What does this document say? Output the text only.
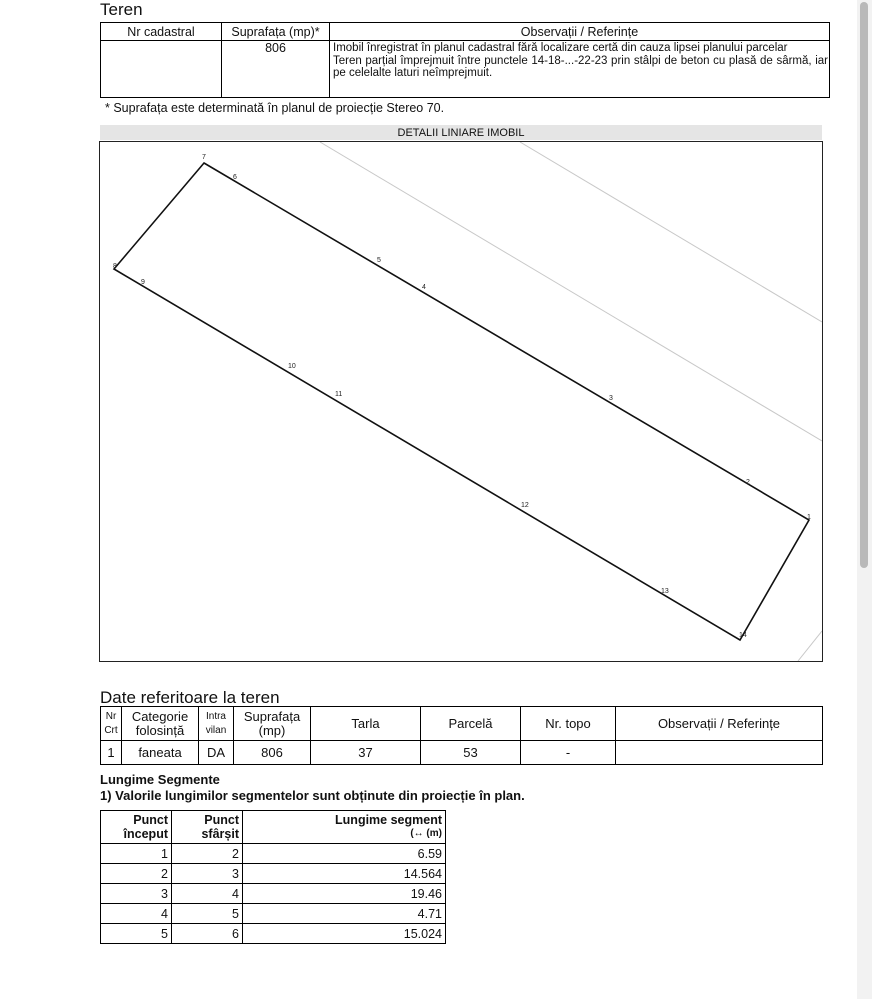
Teren
Nr cadastral	Suprafața (mp)*	Observații / Referințe
	806	Imobil înregistrat în planul cadastral fără localizare certă din cauza lipsei planului parcelar
Teren parțial împrejmuit între punctele 14-18-...-22-23 prin stâlpi de beton cu plasă de sârmă, iar pe celelalte laturi neîmprejmuit.
* Suprafața este determinată în planul de proiecție Stereo 70.
DETALII LINIARE IMOBIL
1
2
3
4
5
6
7
8
9
10
11
12
13
14
Date referitoare la teren
Nr Crt	Categorie folosință	Intra vilan	Suprafața (mp)	Tarla	Parcelă	Nr. topo	Observații / Referințe
1	faneata	DA	806	37	53	-	
Lungime Segmente
1) Valorile lungimilor segmentelor sunt obținute din proiecție în plan.
Punct început	Punct sfârșit	Lungime segment
(↔ (m)

1	2	6.59
2	3	14.564
3	4	19.46
4	5	4.71
5	6	15.024
